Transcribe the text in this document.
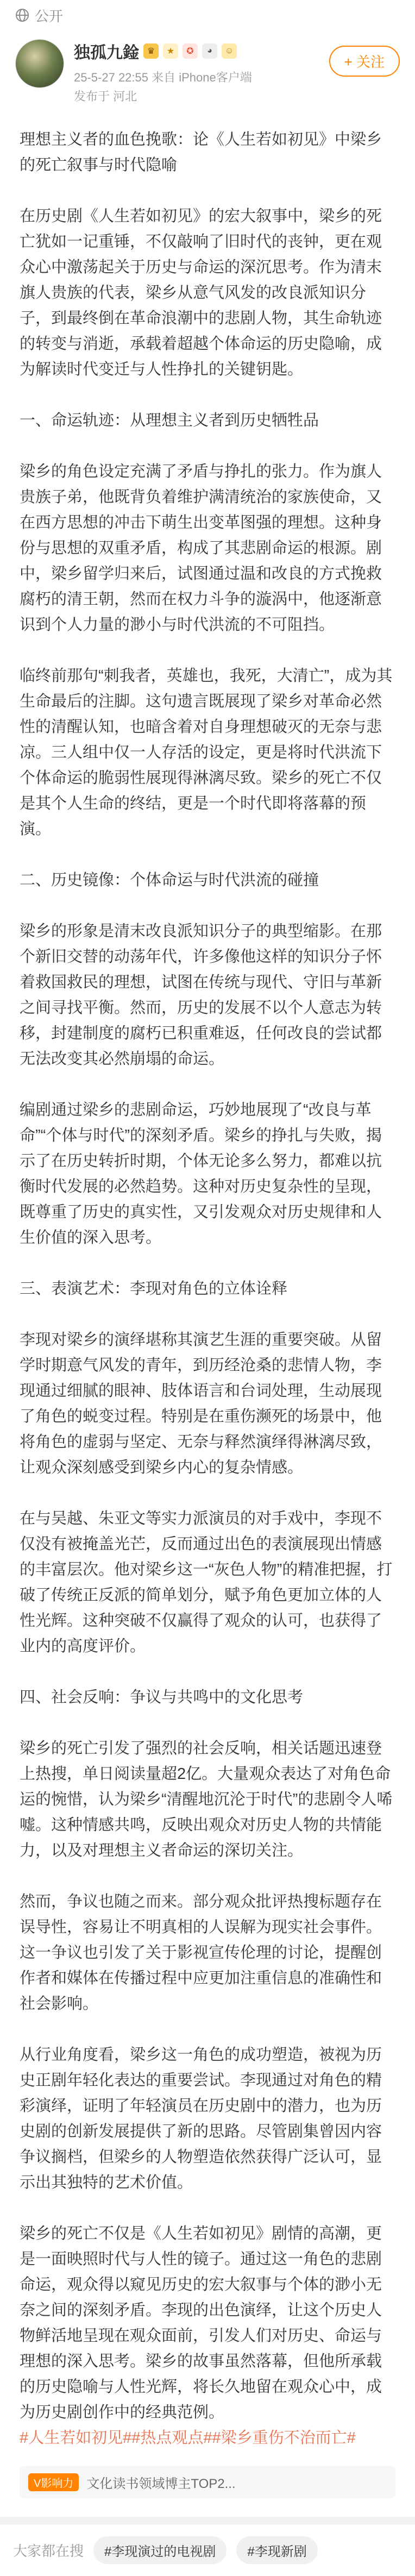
公开
独孤九鍂 ♛	★	✪	◕	☺
25-5-27 22:55 来自 iPhone客户端
发布于 河北
+ 关注

理想主义者的血色挽歌：论《人生若如初见》中梁乡的死亡叙事与时代隐喻

在历史剧《人生若如初见》的宏大叙事中，梁乡的死亡犹如一记重锤，不仅敲响了旧时代的丧钟，更在观众心中激荡起关于历史与命运的深沉思考。作为清末旗人贵族的代表，梁乡从意气风发的改良派知识分子，到最终倒在革命浪潮中的悲剧人物，其生命轨迹的转变与消逝，承载着超越个体命运的历史隐喻，成为解读时代变迁与人性挣扎的关键钥匙。

一、命运轨迹：从理想主义者到历史牺牲品

梁乡的角色设定充满了矛盾与挣扎的张力。作为旗人贵族子弟，他既背负着维护满清统治的家族使命，又在西方思想的冲击下萌生出变革图强的理想。这种身份与思想的双重矛盾，构成了其悲剧命运的根源。剧中，梁乡留学归来后，试图通过温和改良的方式挽救腐朽的清王朝，然而在权力斗争的漩涡中，他逐渐意识到个人力量的渺小与时代洪流的不可阻挡。

临终前那句“刺我者，英雄也，我死，大清亡”，成为其生命最后的注脚。这句遗言既展现了梁乡对革命必然性的清醒认知，也暗含着对自身理想破灭的无奈与悲凉。三人组中仅一人存活的设定，更是将时代洪流下个体命运的脆弱性展现得淋漓尽致。梁乡的死亡不仅是其个人生命的终结，更是一个时代即将落幕的预演。

二、历史镜像：个体命运与时代洪流的碰撞

梁乡的形象是清末改良派知识分子的典型缩影。在那个新旧交替的动荡年代，许多像他这样的知识分子怀着救国救民的理想，试图在传统与现代、守旧与革新之间寻找平衡。然而，历史的发展不以个人意志为转移，封建制度的腐朽已积重难返，任何改良的尝试都无法改变其必然崩塌的命运。

编剧通过梁乡的悲剧命运，巧妙地展现了“改良与革命”“个体与时代”的深刻矛盾。梁乡的挣扎与失败，揭示了在历史转折时期，个体无论多么努力，都难以抗衡时代发展的必然趋势。这种对历史复杂性的呈现，既尊重了历史的真实性，又引发观众对历史规律和人生价值的深入思考。

三、表演艺术：李现对角色的立体诠释

李现对梁乡的演绎堪称其演艺生涯的重要突破。从留学时期意气风发的青年，到历经沧桑的悲情人物，李现通过细腻的眼神、肢体语言和台词处理，生动展现了角色的蜕变过程。特别是在重伤濒死的场景中，他将角色的虚弱与坚定、无奈与释然演绎得淋漓尽致，让观众深刻感受到梁乡内心的复杂情感。

在与吴越、朱亚文等实力派演员的对手戏中，李现不仅没有被掩盖光芒，反而通过出色的表演展现出情感的丰富层次。他对梁乡这一“灰色人物”的精准把握，打破了传统正反派的简单划分，赋予角色更加立体的人性光辉。这种突破不仅赢得了观众的认可，也获得了业内的高度评价。

四、社会反响：争议与共鸣中的文化思考

梁乡的死亡引发了强烈的社会反响，相关话题迅速登上热搜，单日阅读量超2亿。大量观众表达了对角色命运的惋惜，认为梁乡“清醒地沉沦于时代”的悲剧令人唏嘘。这种情感共鸣，反映出观众对历史人物的共情能力，以及对理想主义者命运的深切关注。

然而，争议也随之而来。部分观众批评热搜标题存在误导性，容易让不明真相的人误解为现实社会事件。这一争议也引发了关于影视宣传伦理的讨论，提醒创作者和媒体在传播过程中应更加注重信息的准确性和社会影响。

从行业角度看，梁乡这一角色的成功塑造，被视为历史正剧年轻化表达的重要尝试。李现通过对角色的精彩演绎，证明了年轻演员在历史剧中的潜力，也为历史剧的创新发展提供了新的思路。尽管剧集曾因内容争议搁档，但梁乡的人物塑造依然获得广泛认可，显示出其独特的艺术价值。

梁乡的死亡不仅是《人生若如初见》剧情的高潮，更是一面映照时代与人性的镜子。通过这一角色的悲剧命运，观众得以窥见历史的宏大叙事与个体的渺小无奈之间的深刻矛盾。李现的出色演绎，让这个历史人物鲜活地呈现在观众面前，引发人们对历史、命运与理想的深入思考。梁乡的故事虽然落幕，但他所承载的历史隐喻与人性光辉，将长久地留在观众心中，成为历史剧创作中的经典范例。

#人生若如初见##热点观点##梁乡重伤不治而亡#
V影响力	文化读书领域博主TOP2...
大家都在搜	#李现演过的电视剧	#李现新剧
